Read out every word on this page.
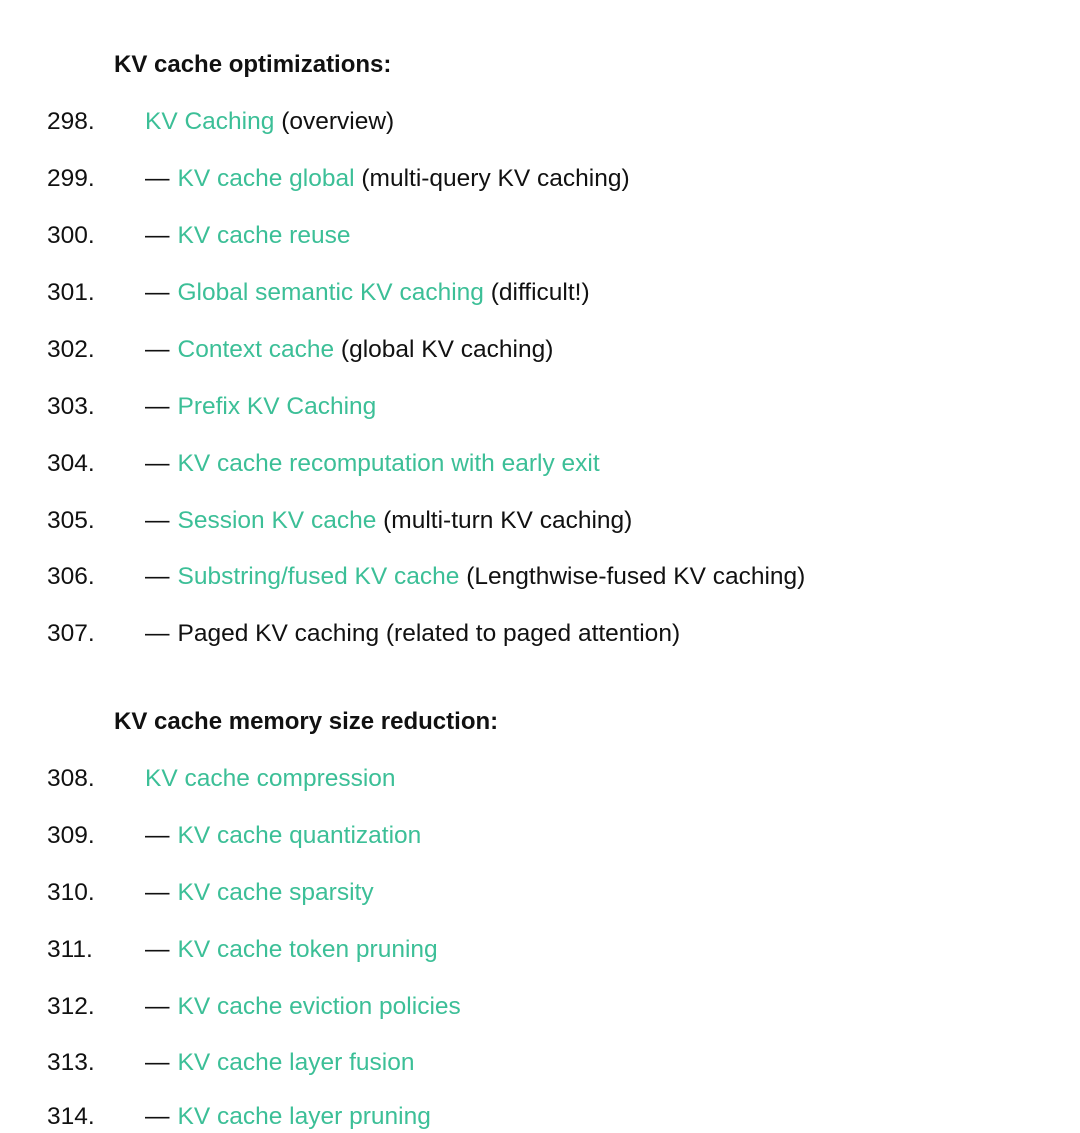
KV cache optimizations:
298. KV Caching (overview)
299. — KV cache global (multi-query KV caching)
300. — KV cache reuse
301. — Global semantic KV caching (difficult!)
302. — Context cache (global KV caching)
303. — Prefix KV Caching
304. — KV cache recomputation with early exit
305. — Session KV cache (multi-turn KV caching)
306. — Substring/fused KV cache (Lengthwise-fused KV caching)
307. — Paged KV caching (related to paged attention)
KV cache memory size reduction:
308. KV cache compression
309. — KV cache quantization
310. — KV cache sparsity
311. — KV cache token pruning
312. — KV cache eviction policies
313. — KV cache layer fusion
314. — KV cache layer pruning
